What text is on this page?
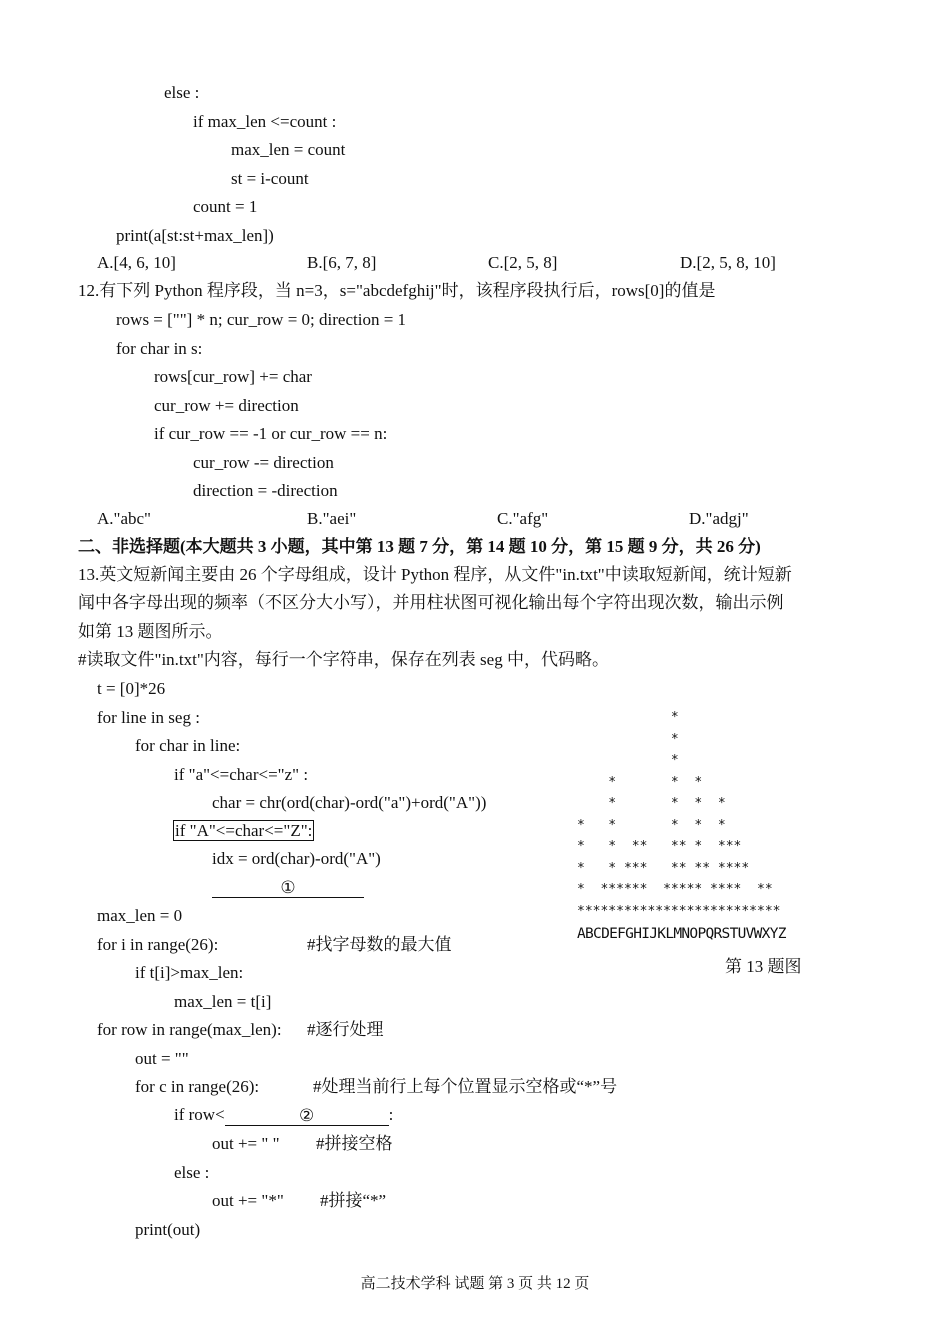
12.有下列 Python 程序段，当 n=3，s="abcdefghij"时，该程序段执行后，rows[0]的值是
二、非选择题(本大题共 3 小题，其中第 13 题 7 分，第 14 题 10 分，第 15 题 9 分，共 26 分)
13.英文短新闻主要由 26 个字母组成，设计 Python 程序，从文件"in.txt"中读取短新闻，统计短新
闻中各字母出现的频率（不区分大小写），并用柱状图可视化输出每个字符出现次数，输出示例
如第 13 题图所示。
#读取文件"in.txt"内容，每行一个字符串，保存在列表 seg 中，代码略。
if "A"<=char<="Z":
idx = ord(char)-ord("A")
①
if row<	②	:
*
*
*
*       *  *
*       *  *  *
*   *       *  *  *
*   *  **   ** *  ***
*   * ***   ** ** ****
*  ******  ***** ****  **
**************************
ABCDEFGHIJKLMNOPQRSTUVWXYZ
第 13 题图
高二技术学科 试题 第 3 页 共 12 页
else :
if max_len <=count :
max_len = count
st = i-count
count = 1
print(a[st:st+max_len])
A.[4, 6, 10]	B.[6, 7, 8]	C.[2, 5, 8]	D.[2, 5, 8, 10]
rows = [""] * n; cur_row = 0; direction = 1
for char in s:
rows[cur_row] += char
cur_row += direction
if cur_row == -1 or cur_row == n:
cur_row -= direction
direction = -direction
A."abc"	B."aei"	C."afg"	D."adgj"
t = [0]*26
for line in seg :
for char in line:
if "a"<=char<="z" :
char = chr(ord(char)-ord("a")+ord("A"))
max_len = 0
for i in range(26):	#找字母数的最大值
if t[i]>max_len:
max_len = t[i]
for row in range(max_len): #逐行处理
out = ""
for c in range(26):	#处理当前行上每个位置显示空格或“*”号
out += " " #拼接空格
else :
out += "*" #拼接“*”
print(out)
